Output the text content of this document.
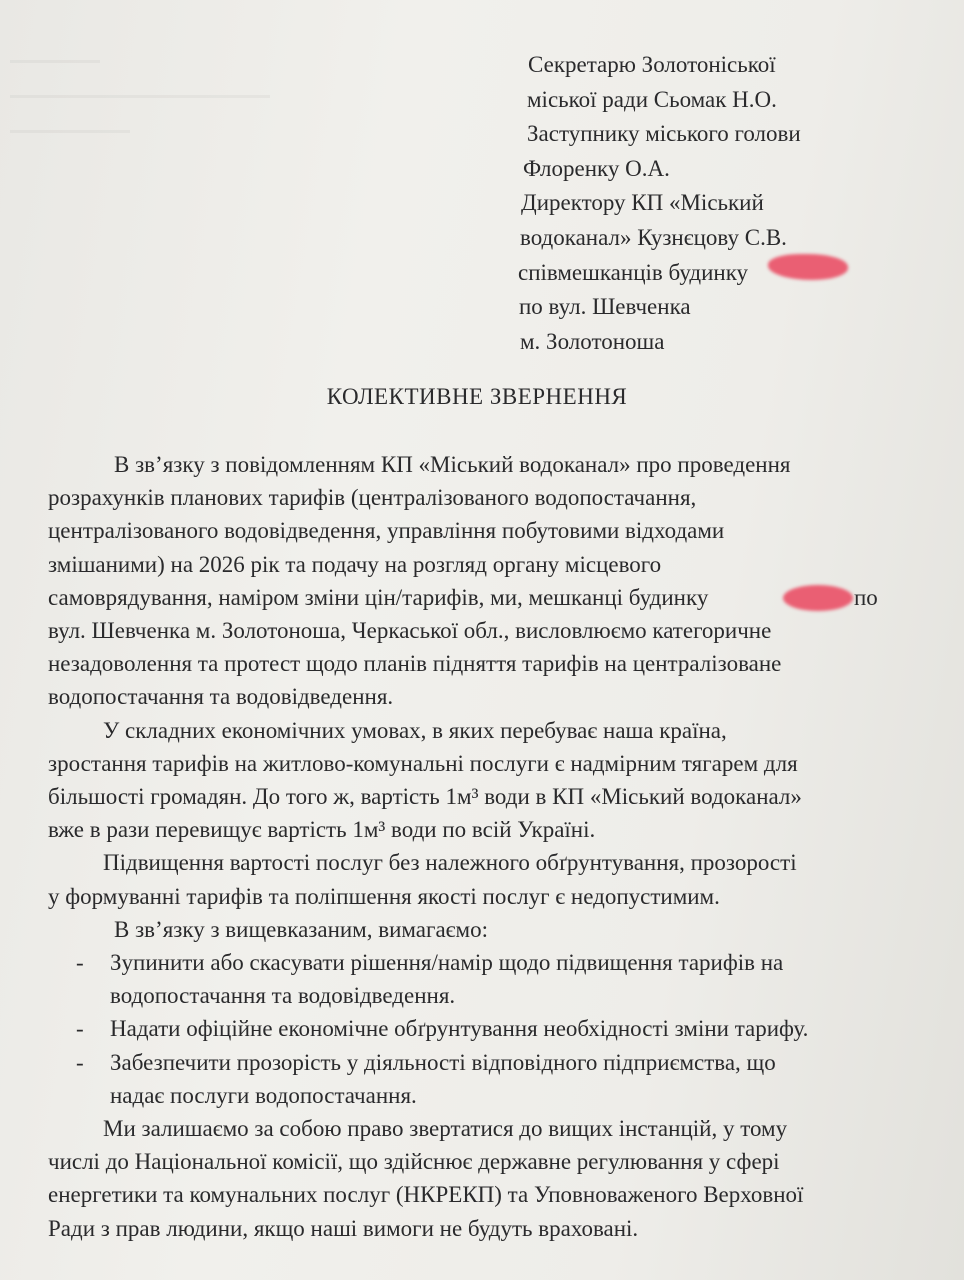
Секретарю Золотоніської
міської ради Сьомак Н.О.
Заступнику міського голови
Флоренку О.А.
Директору КП «Міський
водоканал» Кузнєцову С.В.
співмешканців будинку
по вул. Шевченка
м. Золотоноша
КОЛЕКТИВНЕ ЗВЕРНЕННЯ

В зв’язку з повідомленням КП «Міський водоканал» про проведення

розрахунків планових тарифів (централізованого водопостачання,

централізованого водовідведення, управління побутовими відходами

змішаними) на 2026 рік та подачу на розгляд органу місцевого

самоврядування, наміром зміни цін/тарифів, ми, мешканці будинку	по

вул. Шевченка м. Золотоноша, Черкаської обл., висловлюємо категоричне

незадоволення та протест щодо планів підняття тарифів на централізоване

водопостачання та водовідведення.

У складних економічних умовах, в яких перебуває наша країна,

зростання тарифів на житлово-комунальні послуги є надмірним тягарем для

більшості громадян. До того ж, вартість 1м³ води в КП «Міський водоканал»

вже в рази перевищує вартість 1м³ води по всій Україні.

Підвищення вартості послуг без належного обґрунтування, прозорості

у формуванні тарифів та поліпшення якості послуг є недопустимим.

В зв’язку з вищевказаним, вимагаємо:

- Зупинити або скасувати рішення/намір щодо підвищення тарифів на

водопостачання та водовідведення.

- Надати офіційне економічне обґрунтування необхідності зміни тарифу.

- Забезпечити прозорість у діяльності відповідного підприємства, що

надає послуги водопостачання.

Ми залишаємо за собою право звертатися до вищих інстанцій, у тому

числі до Національної комісії, що здійснює державне регулювання у сфері

енергетики та комунальних послуг (НКРЕКП) та Уповноваженого Верховної

Ради з прав людини, якщо наші вимоги не будуть враховані.
